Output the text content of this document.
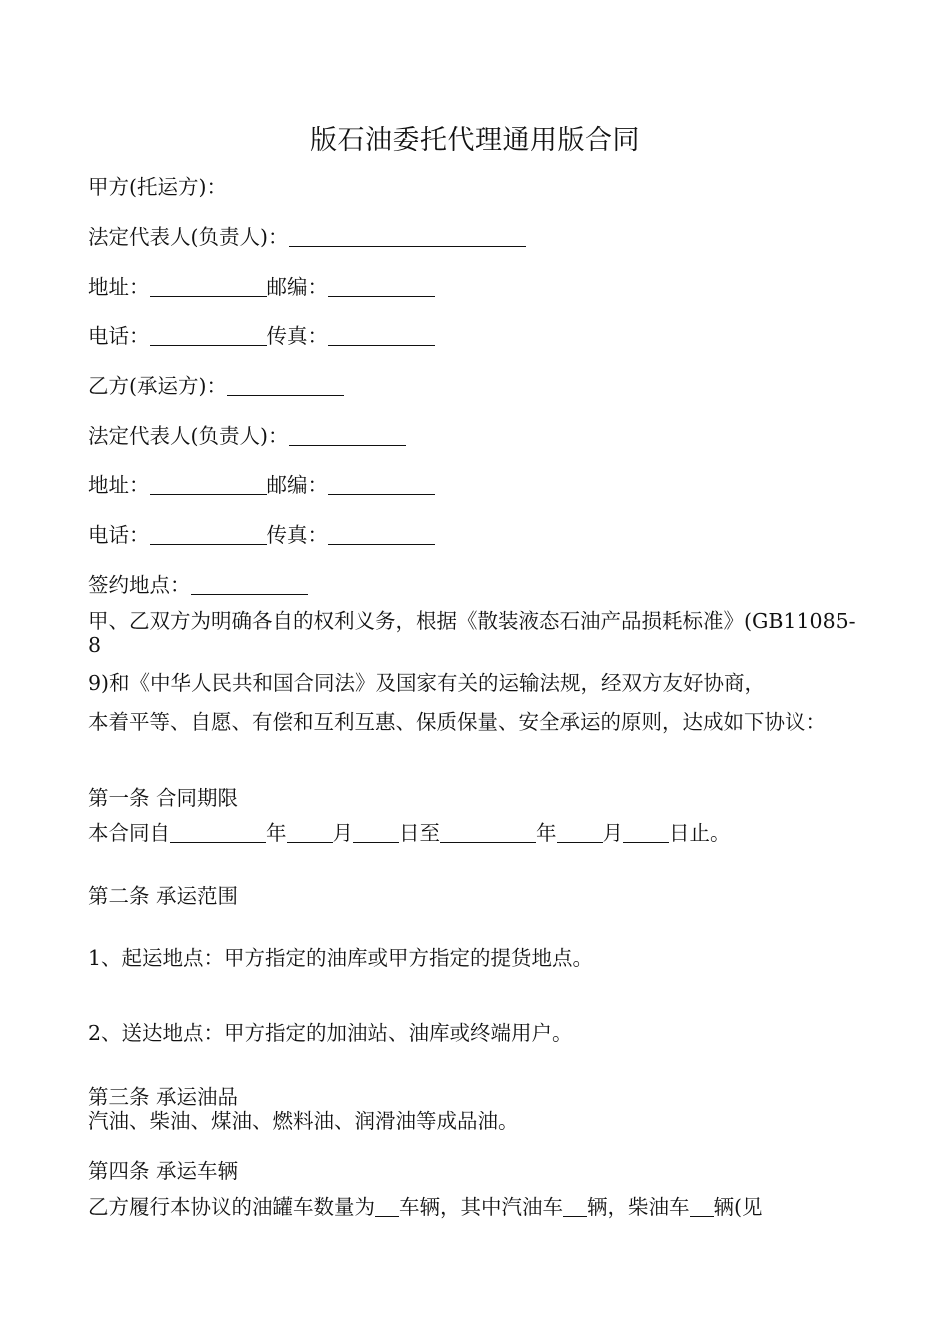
版石油委托代理通用版合同
甲方(托运方)：
法定代表人(负责人)：
地址：	邮编：
电话：	传真：
乙方(承运方)：
法定代表人(负责人)：
地址：	邮编：
电话：	传真：
签约地点：
甲、乙双方为明确各自的权利义务，根据《散装液态石油产品损耗标准》(GB11085-8
9)和《中华人民共和国合同法》及国家有关的运输法规，经双方友好协商，
本着平等、自愿、有偿和互利互惠、保质保量、安全承运的原则，达成如下协议：
第一条 合同期限
本合同自	年 月 日至	年 月 日止。
第二条 承运范围
1、起运地点：甲方指定的油库或甲方指定的提货地点。
2、送达地点：甲方指定的加油站、油库或终端用户。
第三条 承运油品
汽油、柴油、煤油、燃料油、润滑油等成品油。
第四条 承运车辆
乙方履行本协议的油罐车数量为 车辆，其中汽油车 辆，柴油车 辆(见
